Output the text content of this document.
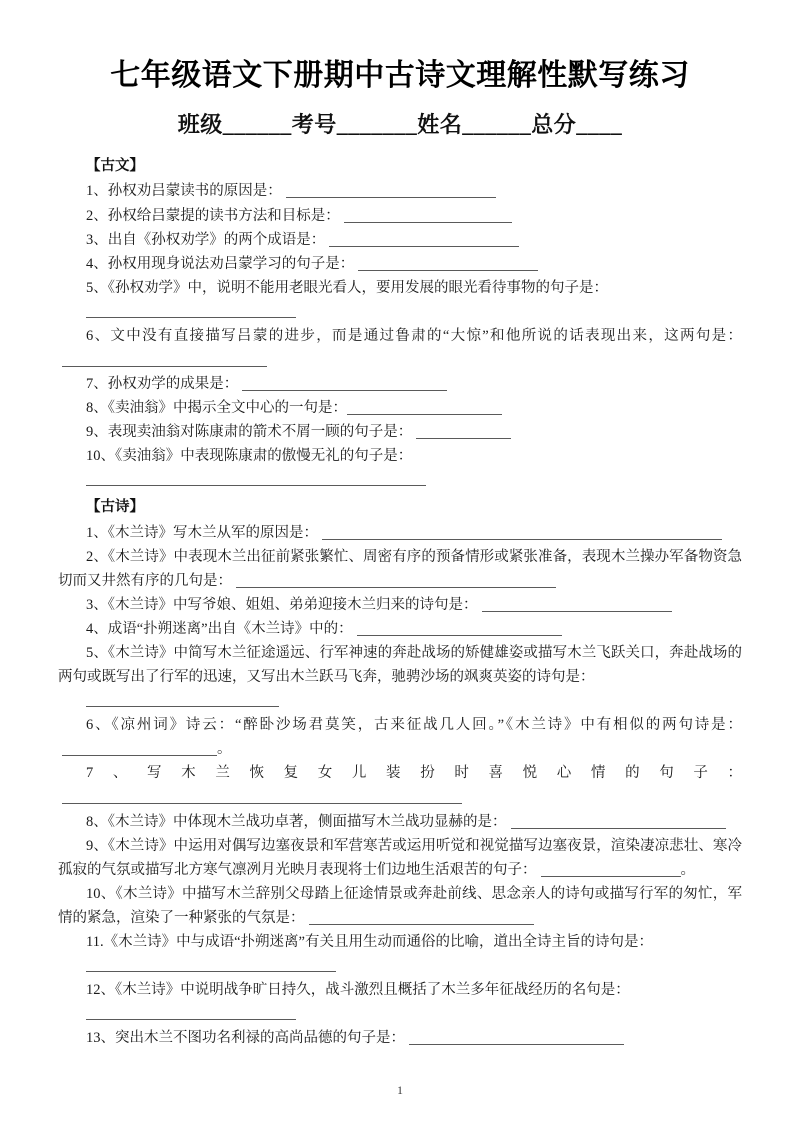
七年级语文下册期中古诗文理解性默写练习
班级______考号_______姓名______总分____
【古文】
1、孙权劝吕蒙读书的原因是：
2、孙权给吕蒙提的读书方法和目标是：
3、出自《孙权劝学》的两个成语是：
4、孙权用现身说法劝吕蒙学习的句子是：
5、《孙权劝学》中，说明不能用老眼光看人，要用发展的眼光看待事物的句子是：
6、文中没有直接描写吕蒙的进步，而是通过鲁肃的“大惊”和他所说的话表现出来，这两句是：
7、孙权劝学的成果是：
8、《卖油翁》中揭示全文中心的一句是：
9、表现卖油翁对陈康肃的箭术不屑一顾的句子是：
10、《卖油翁》中表现陈康肃的傲慢无礼的句子是：
【古诗】
1、《木兰诗》写木兰从军的原因是：
2、《木兰诗》中表现木兰出征前紧张繁忙、周密有序的预备情形或紧张准备，表现木兰操办军备物资急切而又井然有序的几句是：
3、《木兰诗》中写爷娘、姐姐、弟弟迎接木兰归来的诗句是：
4、成语“扑朔迷离”出自《木兰诗》中的：
5、《木兰诗》中简写木兰征途遥远、行军神速的奔赴战场的矫健雄姿或描写木兰飞跃关口，奔赴战场的两句或既写出了行军的迅速，又写出木兰跃马飞奔，驰骋沙场的飒爽英姿的诗句是：
6、《凉州词》诗云：“醉卧沙场君莫笑，古来征战几人回。”《木兰诗》中有相似的两句诗是：。
7、写木兰恢复女儿装扮时喜悦心情的句子：
8、《木兰诗》中体现木兰战功卓著，侧面描写木兰战功显赫的是：
9、《木兰诗》中运用对偶写边塞夜景和军营寒苦或运用听觉和视觉描写边塞夜景，渲染凄凉悲壮、寒冷孤寂的气氛或描写北方寒气凛冽月光映月表现将士们边地生活艰苦的句子：	。
10、《木兰诗》中描写木兰辞别父母踏上征途情景或奔赴前线、思念亲人的诗句或描写行军的匆忙，军情的紧急，渲染了一种紧张的气氛是：
11.《木兰诗》中与成语“扑朔迷离”有关且用生动而通俗的比喻，道出全诗主旨的诗句是：
12、《木兰诗》中说明战争旷日持久，战斗激烈且概括了木兰多年征战经历的名句是：
13、突出木兰不图功名利禄的高尚品德的句子是：
1
